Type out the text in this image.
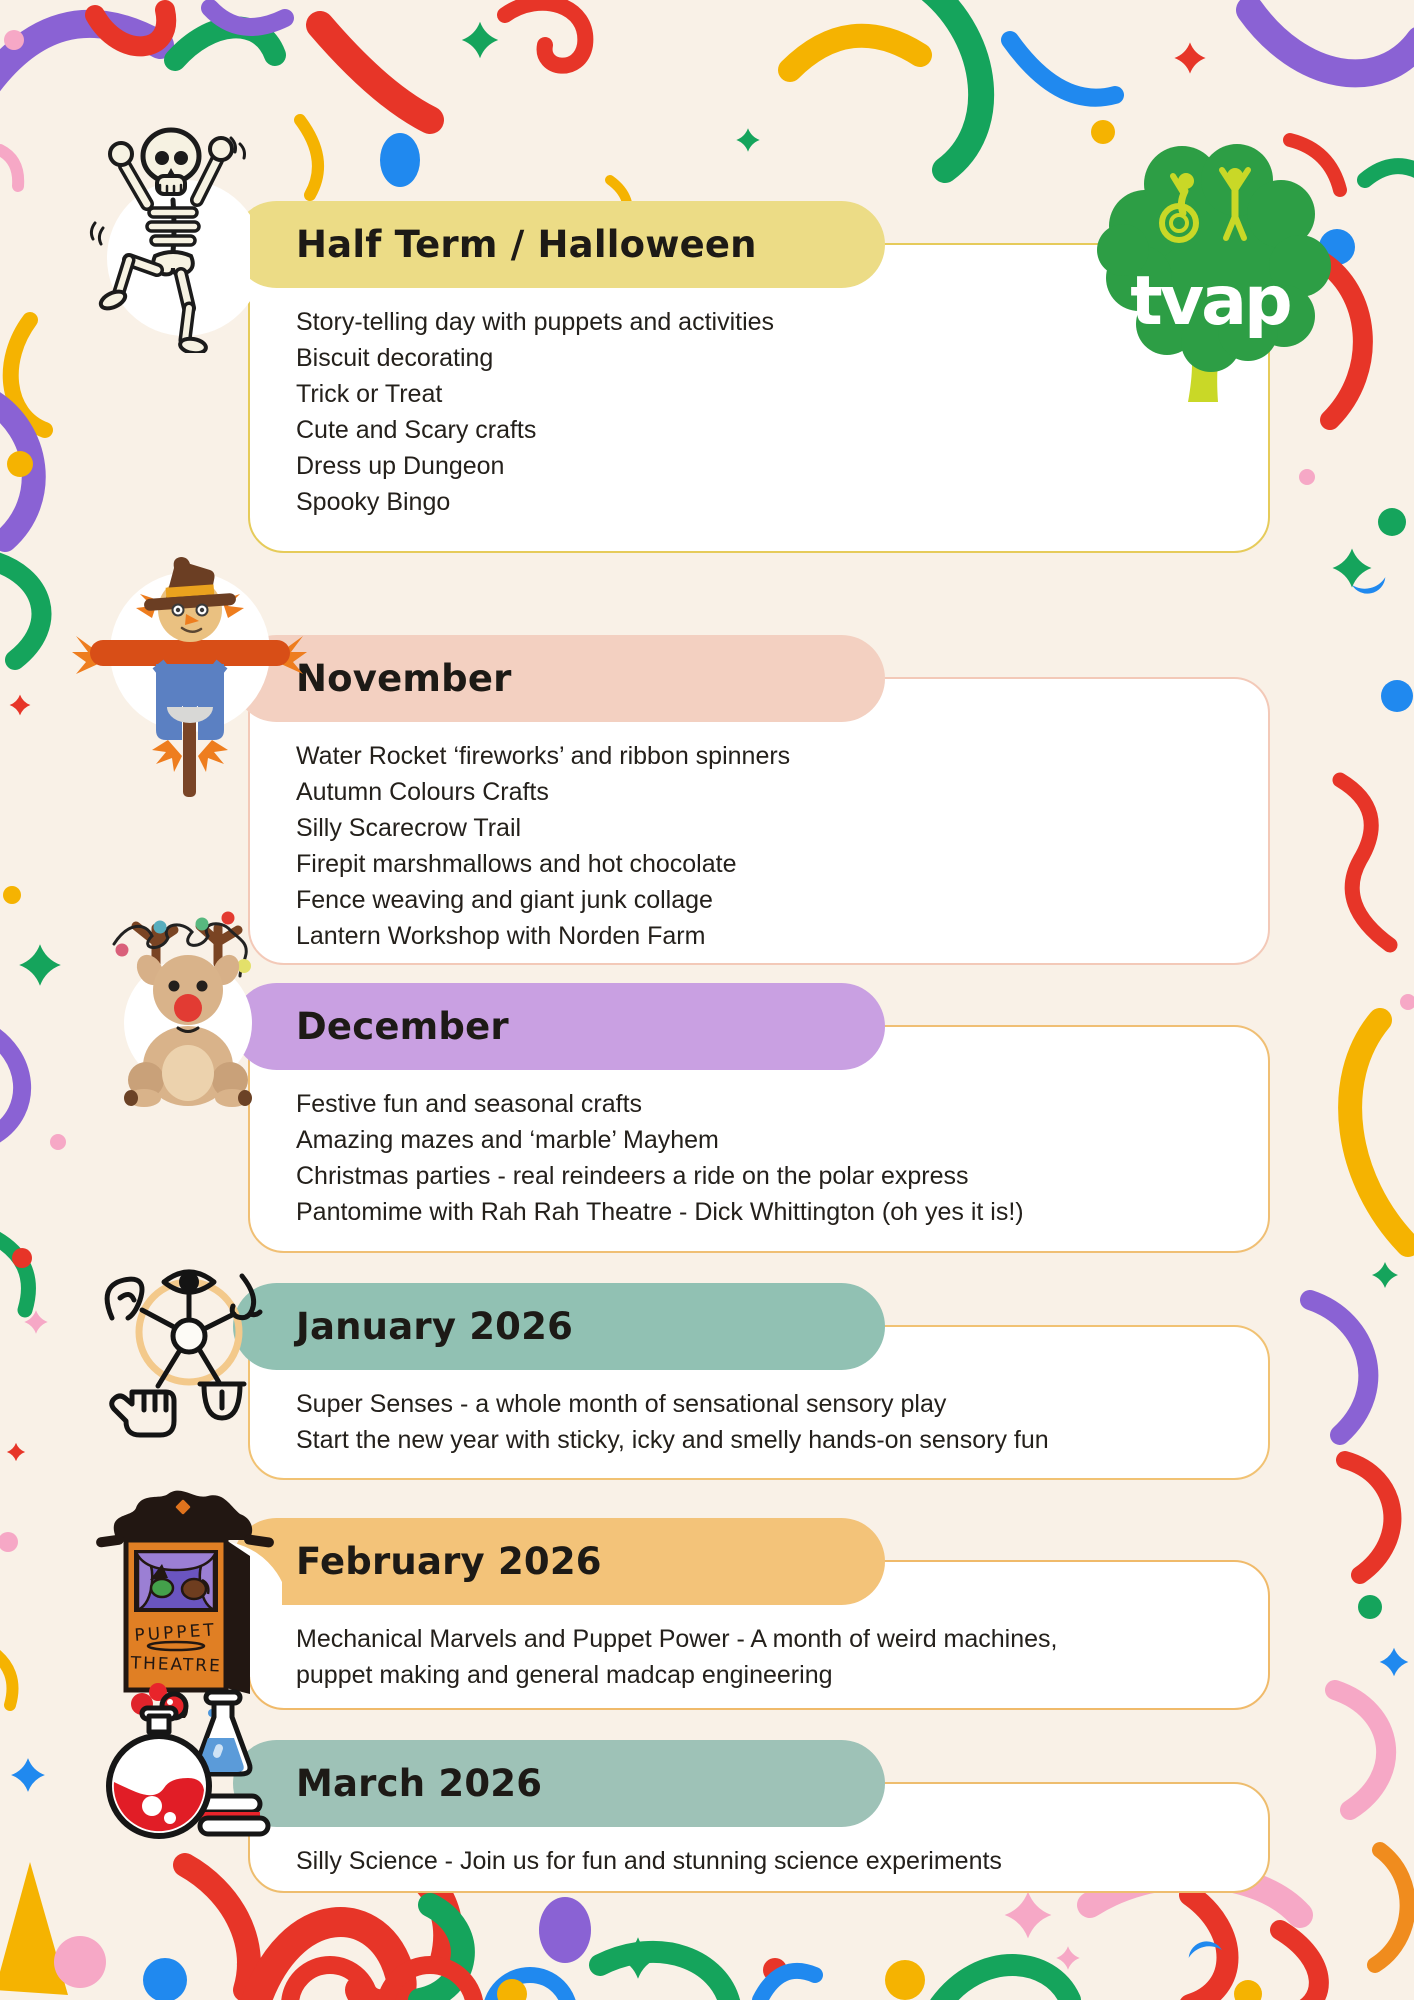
Half Term / Halloween
Story-telling day with puppets and activities
Biscuit decorating
Trick or Treat
Cute and Scary crafts
Dress up Dungeon
Spooky Bingo
November
Water Rocket ‘fireworks’ and ribbon spinners
Autumn Colours Crafts
Silly Scarecrow Trail
Firepit marshmallows and hot chocolate
Fence weaving and giant junk collage
Lantern Workshop with Norden Farm
December
Festive fun and seasonal crafts
Amazing mazes and ‘marble’ Mayhem
Christmas parties - real reindeers a ride on the polar express
Pantomime with Rah Rah Theatre - Dick Whittington (oh yes it is!)
January 2026
Super Senses - a whole month of sensational sensory play
Start the new year with sticky, icky and smelly hands-on sensory fun
February 2026
Mechanical Marvels and Puppet Power - A month of weird machines,
puppet making and general madcap engineering
March 2026
Silly Science - Join us for fun and stunning science experiments
tvap
PUPPET
THEATRE
